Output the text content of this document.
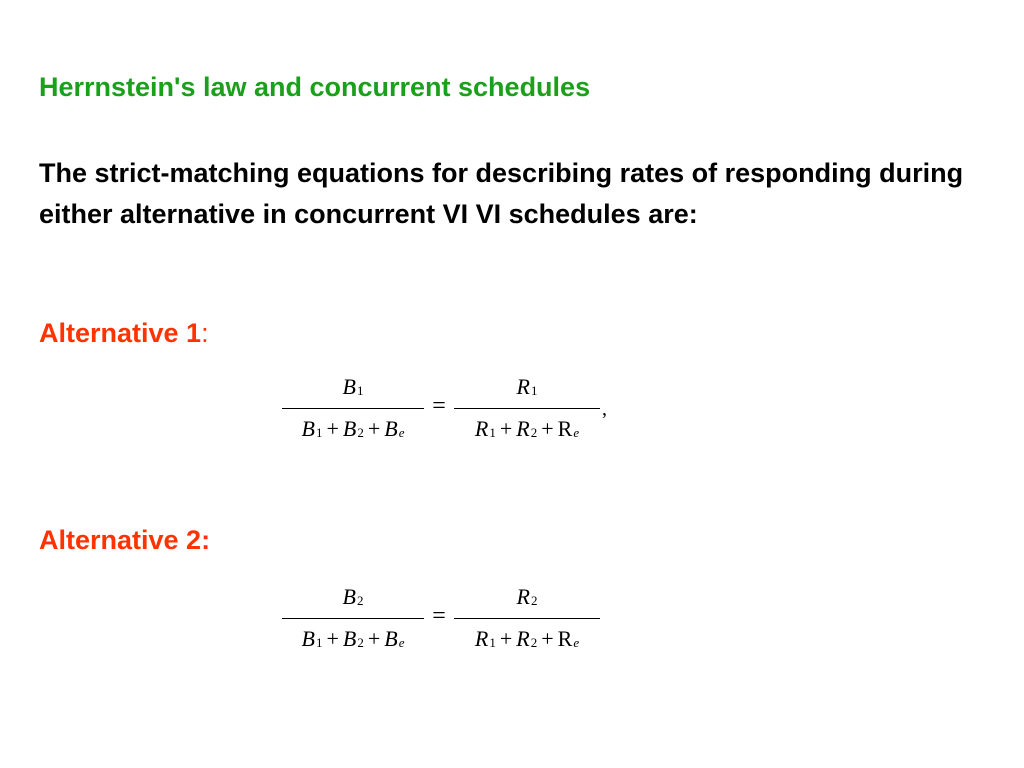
Herrnstein's law and concurrent schedules
The strict-matching equations for describing rates of responding during either alternative in concurrent VI VI schedules are:
Alternative 1:
B1
B1 + B2 + Be
=
R1
R1 + R2 + Re
,
Alternative 2:
B2
B1 + B2 + Be
=
R2
R1 + R2 + Re
